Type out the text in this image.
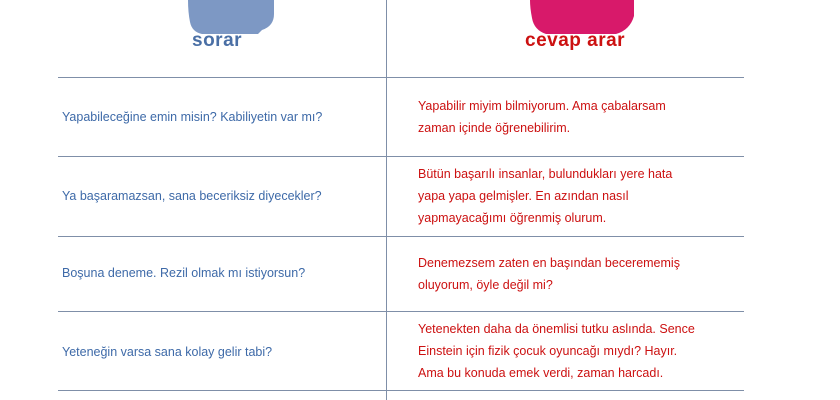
sorar	cevap arar
Yapabileceğine emin misin? Kabiliyetin var mı?
Yapabilir miyim bilmiyorum. Ama çabalarsam
zaman içinde öğrenebilirim.
Ya başaramazsan, sana beceriksiz diyecekler?
Bütün başarılı insanlar, bulundukları yere hata
yapa yapa gelmişler. En azından nasıl
yapmayacağımı öğrenmiş olurum.
Boşuna deneme. Rezil olmak mı istiyorsun?
Denemezsem zaten en başından becerememiş
oluyorum, öyle değil mi?
Yeteneğin varsa sana kolay gelir tabi?
Yetenekten daha da önemlisi tutku aslında. Sence
Einstein için fizik çocuk oyuncağı mıydı? Hayır.
Ama bu konuda emek verdi, zaman harcadı.
